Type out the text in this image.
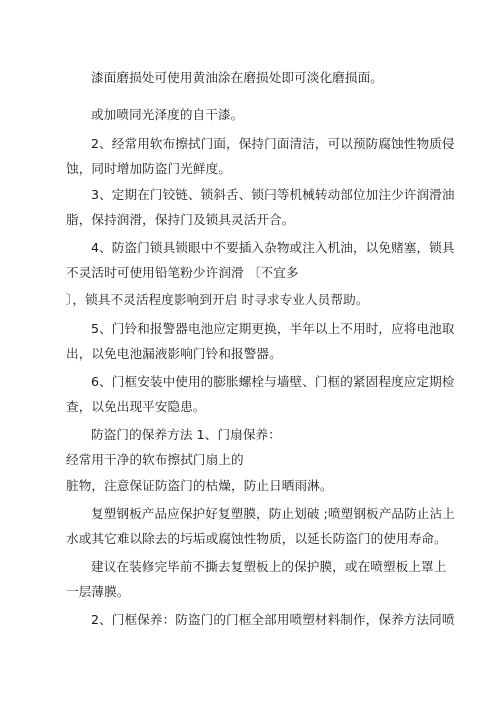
漆面磨损处可使用黄油涂在磨损处即可淡化磨损面。
或加喷同光泽度的自干漆。
2、经常用软布擦拭门面，保持门面清洁，可以预防腐蚀性物质侵
蚀，同时增加防盗门光鲜度。
3、定期在门铰链、锁斜舌、锁闩等机械转动部位加注少许润滑油
脂，保持润滑，保持门及锁具灵活开合。
4、防盗门锁具锁眼中不要插入杂物或注入机油，以免赌塞，锁具
不灵活时可使用铅笔粉少许润滑 〔不宜多
〕，锁具不灵活程度影响到开启 时寻求专业人员帮助。
5、门铃和报警器电池应定期更换，半年以上不用时，应将电池取
出，以免电池漏液影响门铃和报警器。
6、门框安装中使用的膨胀螺栓与墙壁、门框的紧固程度应定期检
查，以免出现平安隐患。
防盗门的保养方法 1、门扇保养：
经常用干净的软布擦拭门扇上的
脏物，注意保证防盗门的枯燥，防止日晒雨淋。
复塑钢板产品应保护好复塑膜，防止划破 ;喷塑钢板产品防止沾上
水或其它难以除去的圬垢或腐蚀性物质，以延长防盗门的使用寿命。
建议在装修完毕前不撕去复塑板上的保护膜，或在喷塑板上罩上
一层薄膜。
2、门框保养：防盗门的门框全部用喷塑材料制作，保养方法同喷
